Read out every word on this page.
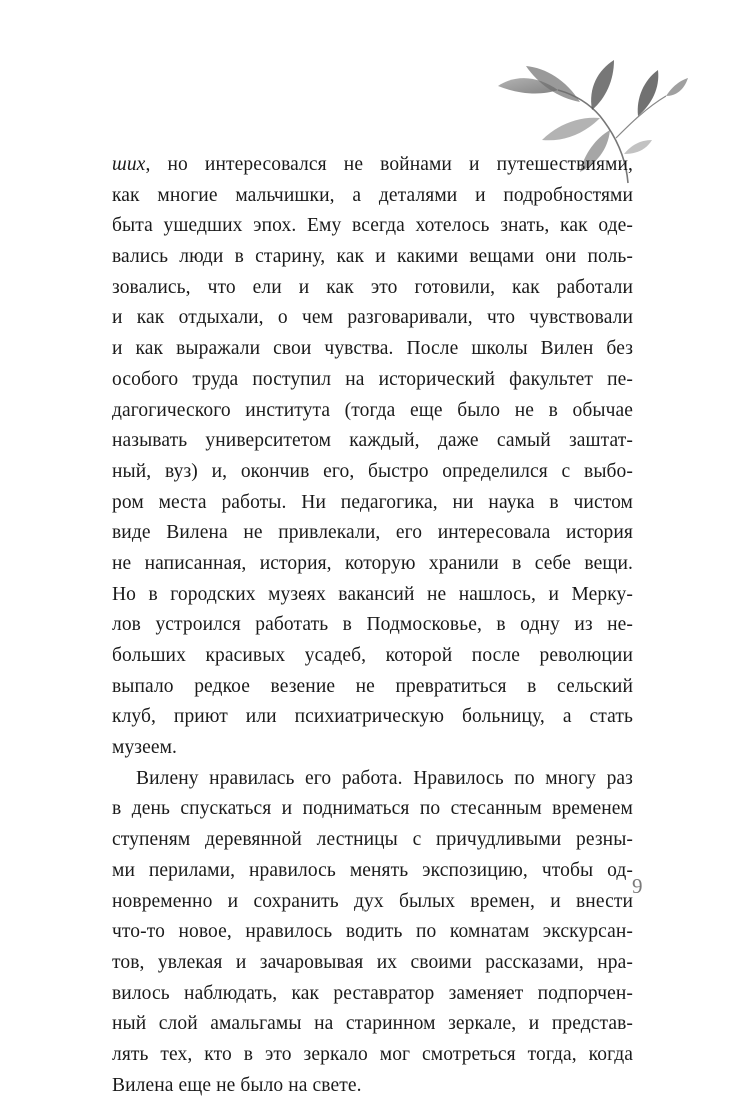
ших, но интересовался не войнами и путешествиями,
как многие мальчишки, а деталями и подробностями
быта ушедших эпох. Ему всегда хотелось знать, как оде-
вались люди в старину, как и какими вещами они поль-
зовались, что ели и как это готовили, как работали
и как отдыхали, о чем разговаривали, что чувствовали
и как выражали свои чувства. После школы Вилен без
особого труда поступил на исторический факультет пе-
дагогического института (тогда еще было не в обычае
называть университетом каждый, даже самый заштат-
ный, вуз) и, окончив его, быстро определился с выбо-
ром места работы. Ни педагогика, ни наука в чистом
виде Вилена не привлекали, его интересовала история
не написанная, история, которую хранили в себе вещи.
Но в городских музеях вакансий не нашлось, и Мерку-
лов устроился работать в Подмосковье, в одну из не-
больших красивых усадеб, которой после революции
выпало редкое везение не превратиться в сельский
клуб, приют или психиатрическую больницу, а стать
музеем.
Вилену нравилась его работа. Нравилось по многу раз
в день спускаться и подниматься по стесанным временем
ступеням деревянной лестницы с причудливыми резны-
ми перилами, нравилось менять экспозицию, чтобы од-
новременно и сохранить дух былых времен, и внести
что-то новое, нравилось водить по комнатам экскурсан-
тов, увлекая и зачаровывая их своими рассказами, нра-
вилось наблюдать, как реставратор заменяет подпорчен-
ный слой амальгамы на старинном зеркале, и представ-
лять тех, кто в это зеркало мог смотреться тогда, когда
Вилена еще не было на свете.
9
